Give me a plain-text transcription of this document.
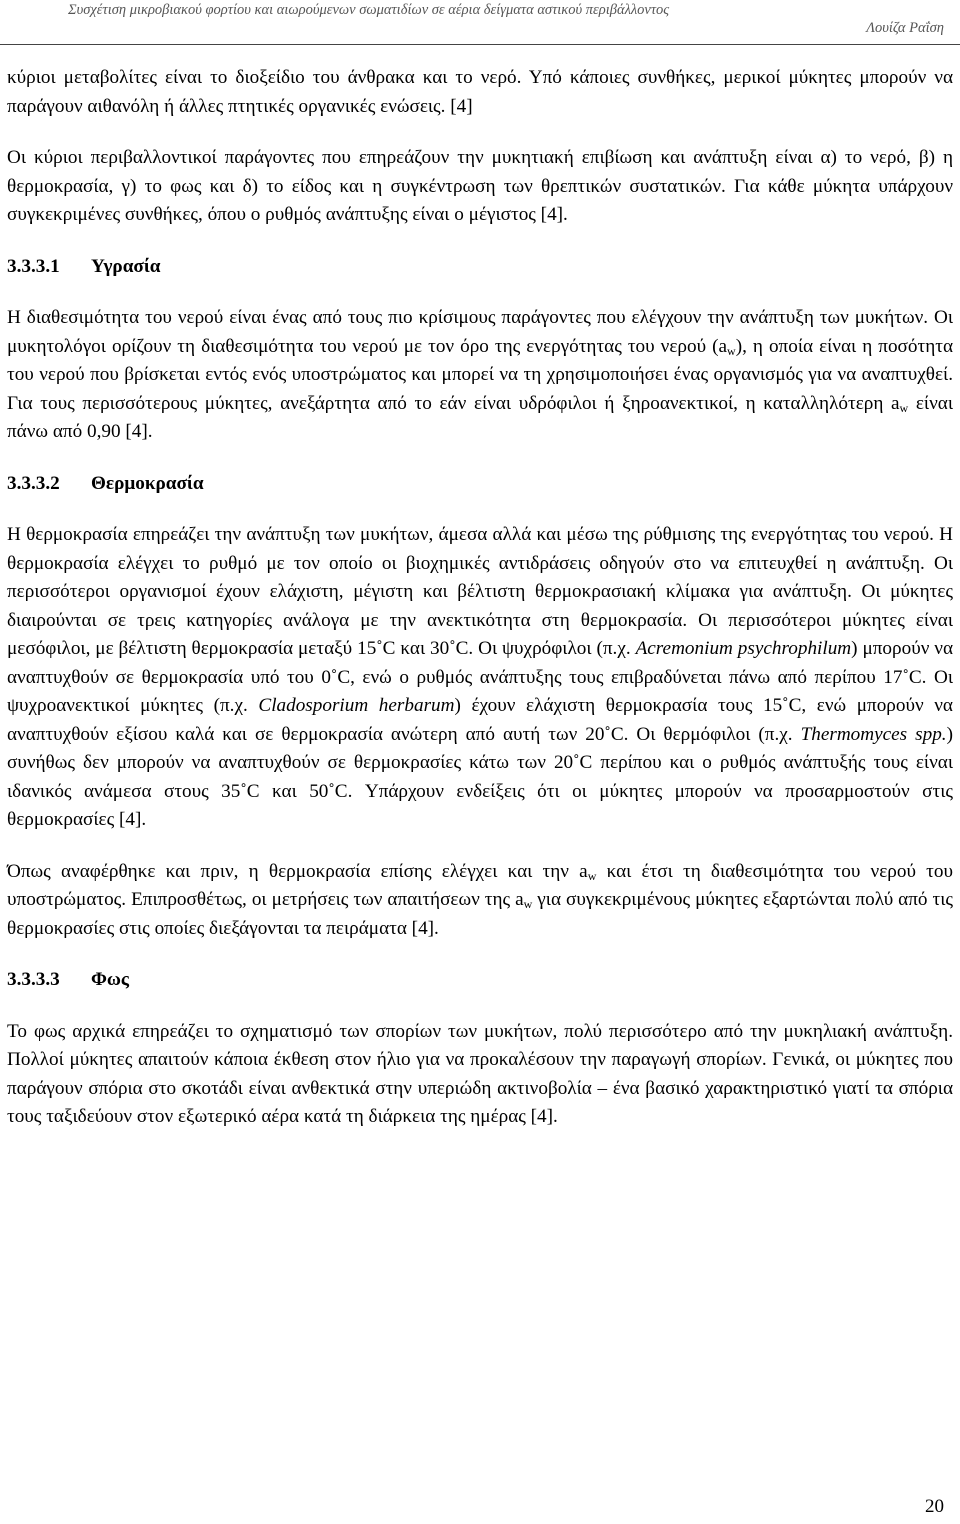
Συσχέτιση μικροβιακού φορτίου και αιωρούμενων σωματιδίων σε αέρια δείγματα αστικού περιβάλλοντος
Λουίζα Ραΐση

κύριοι μεταβολίτες είναι το διοξείδιο του άνθρακα και το νερό. Υπό κάποιες συνθήκες, μερικοί μύκητες μπορούν να παράγουν αιθανόλη ή άλλες πτητικές οργανικές ενώσεις. [4]

Οι κύριοι περιβαλλοντικοί παράγοντες που επηρεάζουν την μυκητιακή επιβίωση και ανάπτυξη είναι α) το νερό, β) η θερμοκρασία, γ) το φως και δ) το είδος και η συγκέντρωση των θρεπτικών συστατικών. Για κάθε μύκητα υπάρχουν συγκεκριμένες συνθήκες, όπου ο ρυθμός ανάπτυξης είναι ο μέγιστος [4].

3.3.3.1 Υγρασία

Η διαθεσιμότητα του νερού είναι ένας από τους πιο κρίσιμους παράγοντες που ελέγχουν την ανάπτυξη των μυκήτων. Οι μυκητολόγοι ορίζουν τη διαθεσιμότητα του νερού με τον όρο της ενεργότητας του νερού $(a_w)$, η οποία είναι η ποσότητα του νερού που βρίσκεται εντός ενός υποστρώματος και μπορεί να τη χρησιμοποιήσει ένας οργανισμός για να αναπτυχθεί. Για τους περισσότερους μύκητες, ανεξάρτητα από το εάν είναι υδρόφιλοι ή ξηροανεκτικοί, η καταλληλότερη $a_w$ είναι πάνω από 0,90 [4].

3.3.3.2 Θερμοκρασία

Η θερμοκρασία επηρεάζει την ανάπτυξη των μυκήτων, άμεσα αλλά και μέσω της ρύθμισης της ενεργότητας του νερού. Η θερμοκρασία ελέγχει το ρυθμό με τον οποίο οι βιοχημικές αντιδράσεις οδηγούν στο να επιτευχθεί η ανάπτυξη. Οι περισσότεροι οργανισμοί έχουν ελάχιστη, μέγιστη και βέλτιστη θερμοκρασιακή κλίμακα για ανάπτυξη. Οι μύκητες διαιρούνται σε τρεις κατηγορίες ανάλογα με την ανεκτικότητα στη θερμοκρασία. Οι περισσότεροι μύκητες είναι μεσόφιλοι, με βέλτιστη θερμοκρασία μεταξύ 15˚C και 30˚C. Οι ψυχρόφιλοι (π.χ. Acremonium psychrophilum) μπορούν να αναπτυχθούν σε θερμοκρασία υπό του 0˚C, ενώ ο ρυθμός ανάπτυξης τους επιβραδύνεται πάνω από περίπου 17˚C. Οι ψυχροανεκτικοί μύκητες (π.χ. Cladosporium herbarum) έχουν ελάχιστη θερμοκρασία τους 15˚C, ενώ μπορούν να αναπτυχθούν εξίσου καλά και σε θερμοκρασία ανώτερη από αυτή των 20˚C. Οι θερμόφιλοι (π.χ. Thermomyces spp.) συνήθως δεν μπορούν να αναπτυχθούν σε θερμοκρασίες κάτω των 20˚C περίπου και ο ρυθμός ανάπτυξής τους είναι ιδανικός ανάμεσα στους 35˚C και 50˚C. Υπάρχουν ενδείξεις ότι οι μύκητες μπορούν να προσαρμοστούν στις θερμοκρασίες [4].

Όπως αναφέρθηκε και πριν, η θερμοκρασία επίσης ελέγχει και την $a_w$ και έτσι τη διαθεσιμότητα του νερού του υποστρώματος. Επιπροσθέτως, οι μετρήσεις των απαιτήσεων της $a_w$ για συγκεκριμένους μύκητες εξαρτώνται πολύ από τις θερμοκρασίες στις οποίες διεξάγονται τα πειράματα [4].

3.3.3.3 Φως

Το φως αρχικά επηρεάζει το σχηματισμό των σπορίων των μυκήτων, πολύ περισσότερο από την μυκηλιακή ανάπτυξη. Πολλοί μύκητες απαιτούν κάποια έκθεση στον ήλιο για να προκαλέσουν την παραγωγή σπορίων. Γενικά, οι μύκητες που παράγουν σπόρια στο σκοτάδι είναι ανθεκτικά στην υπεριώδη ακτινοβολία – ένα βασικό χαρακτηριστικό γιατί τα σπόρια τους ταξιδεύουν στον εξωτερικό αέρα κατά τη διάρκεια της ημέρας [4].

20
